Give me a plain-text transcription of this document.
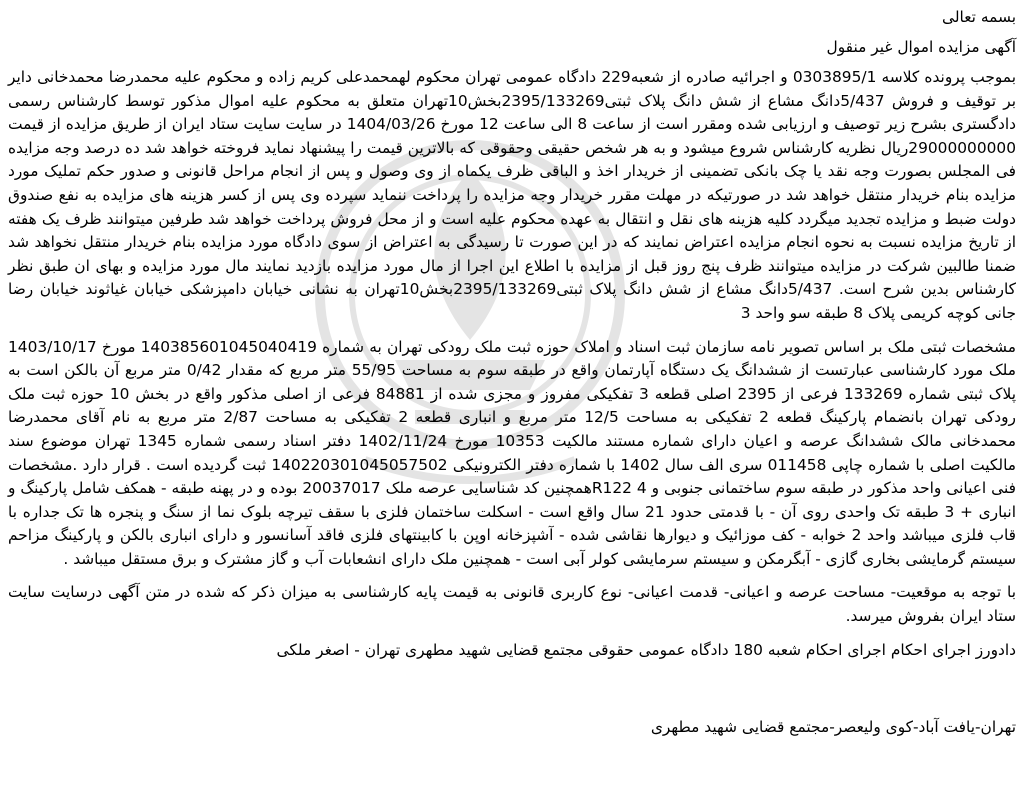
بسمه تعالی

آگهی مزایده اموال غیر منقول

بموجب پرونده کلاسه 0303895/1 و اجرائیه صادره از شعبه229 دادگاه عمومی تهران محکوم لهمحمدعلی کریم زاده و محکوم علیه محمدرضا محمدخانی دایر بر توقیف و فروش 5/437دانگ مشاع از شش دانگ پلاک ثبتی2395/133269بخش10تهران متعلق به محکوم علیه اموال مذکور توسط کارشناس رسمی دادگستری بشرح زیر توصیف و ارزیابی شده ومقرر است از ساعت 8 الی ساعت 12 مورخ 1404/03/26 در سایت سایت ستاد ایران از طریق مزایده از قیمت 29000000000ریال نظریه کارشناس شروع میشود و به هر شخص حقیقی وحقوقی که بالاترین قیمت را پیشنهاد نماید فروخته خواهد شد ده درصد وجه مزایده فی المجلس بصورت وجه نقد یا چک بانکی تضمینی از خریدار اخذ و الباقی ظرف یکماه از وی وصول و پس از انجام مراحل قانونی و صدور حکم تملیک مورد مزایده بنام خریدار منتقل خواهد شد در صورتیکه در مهلت مقرر خریدار وجه مزایده را پرداخت ننماید سپرده وی پس از کسر هزینه های مزایده به نفع صندوق دولت ضبط و مزایده تجدید میگردد کلیه هزینه های نقل و انتقال به عهده محکوم علیه است و از محل فروش پرداخت خواهد شد طرفین میتوانند ظرف یک هفته از تاریخ مزایده نسبت به نحوه انجام مزایده اعتراض نمایند که در این صورت تا رسیدگی به اعتراض از سوی دادگاه مورد مزایده بنام خریدار منتقل نخواهد شد ضمنا طالبین شرکت در مزایده میتوانند ظرف پنج روز قبل از مزایده با اطلاع این اجرا از مال مورد مزایده بازدید نمایند مال مورد مزایده و بهای ان طبق نظر کارشناس بدین شرح است. 5/437دانگ مشاع از شش دانگ پلاک ثبتی2395/133269بخش10تهران به نشانی خیابان دامپزشکی خیابان غیاثوند خیابان رضا جانی کوچه کریمی پلاک 8 طبقه سو واحد 3

مشخصات ثبتی ملک بر اساس تصویر نامه سازمان ثبت اسناد و املاک حوزه ثبت ملک رودکی تهران به شماره 140385601045040419 مورخ 1403/10/17 ملک مورد کارشناسی عبارتست از ششدانگ یک دستگاه آپارتمان واقع در طبقه سوم به مساحت 55/95 متر مربع که مقدار 0/42 متر مربع آن بالکن است به پلاک ثبتی شماره 133269 فرعی از 2395 اصلی قطعه 3 تفکیکی مفروز و مجزی شده از 84881 فرعی از اصلی مذکور واقع در بخش 10 حوزه ثبت ملک رودکی تهران بانضمام پارکینگ قطعه 2 تفکیکی به مساحت 12/5 متر مربع و انباری قطعه 2 تفکیکی به مساحت 2/87 متر مربع به نام آقای محمدرضا محمدخانی مالک ششدانگ عرصه و اعیان دارای شماره مستند مالکیت 10353 مورخ 1402/11/24 دفتر اسناد رسمی شماره 1345 تهران موضوع سند مالکیت اصلی با شماره چاپی 011458 سری الف سال 1402 با شماره دفتر الکترونیکی 140220301045057502 ثبت گردیده است . قرار دارد .مشخصات فنی اعیانی واحد مذکور در طبقه سوم ساختمانی جنوبی و R122 4همچنین کد شناسایی عرصه ملک 20037017 بوده و در پهنه طبقه - همکف شامل پارکینگ و انباری + 3 طبقه تک واحدی روی آن - با قدمتی حدود 21 سال واقع است - اسکلت ساختمان فلزی با سقف تیرچه بلوک نما از سنگ و پنجره ها تک جداره با قاب فلزی میباشد واحد 2 خوابه - کف موزائیک و دیوارها نقاشی شده - آشپزخانه اوپن با کابینتهای فلزی فاقد آسانسور و دارای انباری بالکن و پارکینگ مزاحم سیستم گرمایشی بخاری گازی - آبگرمکن و سیستم سرمایشی کولر آبی است - همچنین ملک دارای انشعابات آب و گاز مشترک و برق مستقل میباشد .

با توجه به موقعیت- مساحت عرصه و اعیانی- قدمت اعیانی- نوع کاربری قانونی به قیمت پایه کارشناسی به میزان ذکر که شده در متن آگهی درسایت سایت ستاد ایران بفروش میرسد.

دادورز اجرای احکام اجرای احکام شعبه 180 دادگاه عمومی حقوقی مجتمع قضایی شهید مطهری تهران - اصغر ملکی

تهران-یافت آباد-کوی ولیعصر-مجتمع قضایی شهید مطهری
